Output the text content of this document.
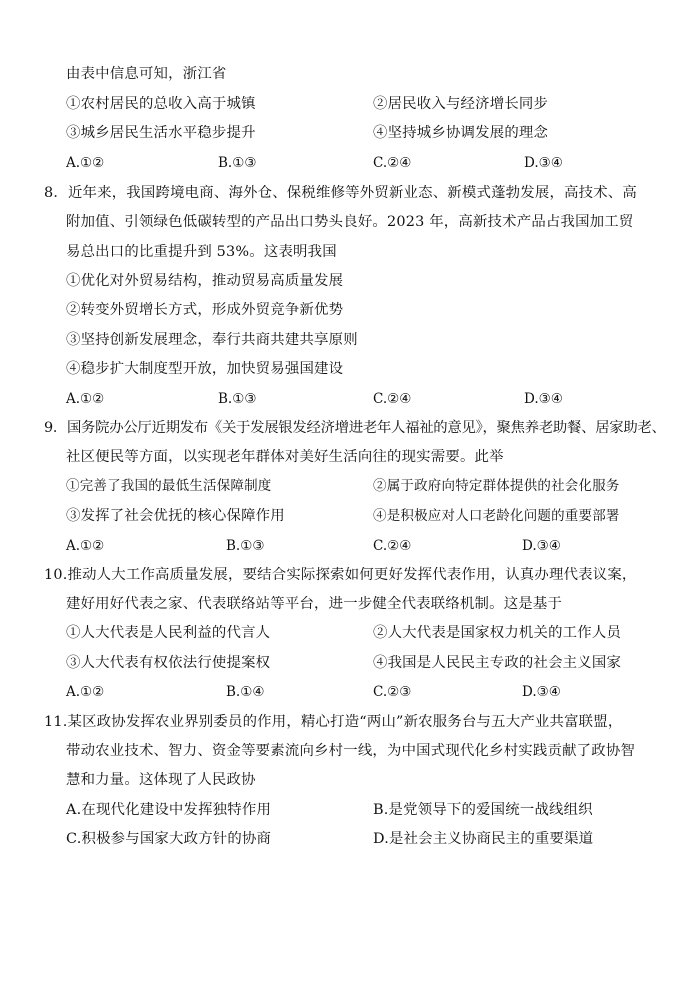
由表中信息可知，浙江省
①农村居民的总收入高于城镇	②居民收入与经济增长同步
③城乡居民生活水平稳步提升	④坚持城乡协调发展的理念
A.①②	B.①③	C.②④	D.③④
8．近年来，我国跨境电商、海外仓、保税维修等外贸新业态、新模式蓬勃发展，高技术、高
附加值、引领绿色低碳转型的产品出口势头良好。2023 年，高新技术产品占我国加工贸
易总出口的比重提升到 53%。这表明我国
①优化对外贸易结构，推动贸易高质量发展
②转变外贸增长方式，形成外贸竞争新优势
③坚持创新发展理念，奉行共商共建共享原则
④稳步扩大制度型开放，加快贸易强国建设
A.①②	B.①③	C.②④	D.③④
9．国务院办公厅近期发布《关于发展银发经济增进老年人福祉的意见》，聚焦养老助餐、居家助老、
社区便民等方面，以实现老年群体对美好生活向往的现实需要。此举
①完善了我国的最低生活保障制度	②属于政府向特定群体提供的社会化服务
③发挥了社会优抚的核心保障作用	④是积极应对人口老龄化问题的重要部署
A.①②	B.①③	C.②④	D.③④
10.推动人大工作高质量发展，要结合实际探索如何更好发挥代表作用，认真办理代表议案，
建好用好代表之家、代表联络站等平台，进一步健全代表联络机制。这是基于
①人大代表是人民利益的代言人	②人大代表是国家权力机关的工作人员
③人大代表有权依法行使提案权	④我国是人民民主专政的社会主义国家
A.①②	B.①④	C.②③	D.③④
11.某区政协发挥农业界别委员的作用，精心打造“两山”新农服务台与五大产业共富联盟，
带动农业技术、智力、资金等要素流向乡村一线，为中国式现代化乡村实践贡献了政协智
慧和力量。这体现了人民政协
A.在现代化建设中发挥独特作用	B.是党领导下的爱国统一战线组织
C.积极参与国家大政方针的协商	D.是社会主义协商民主的重要渠道
